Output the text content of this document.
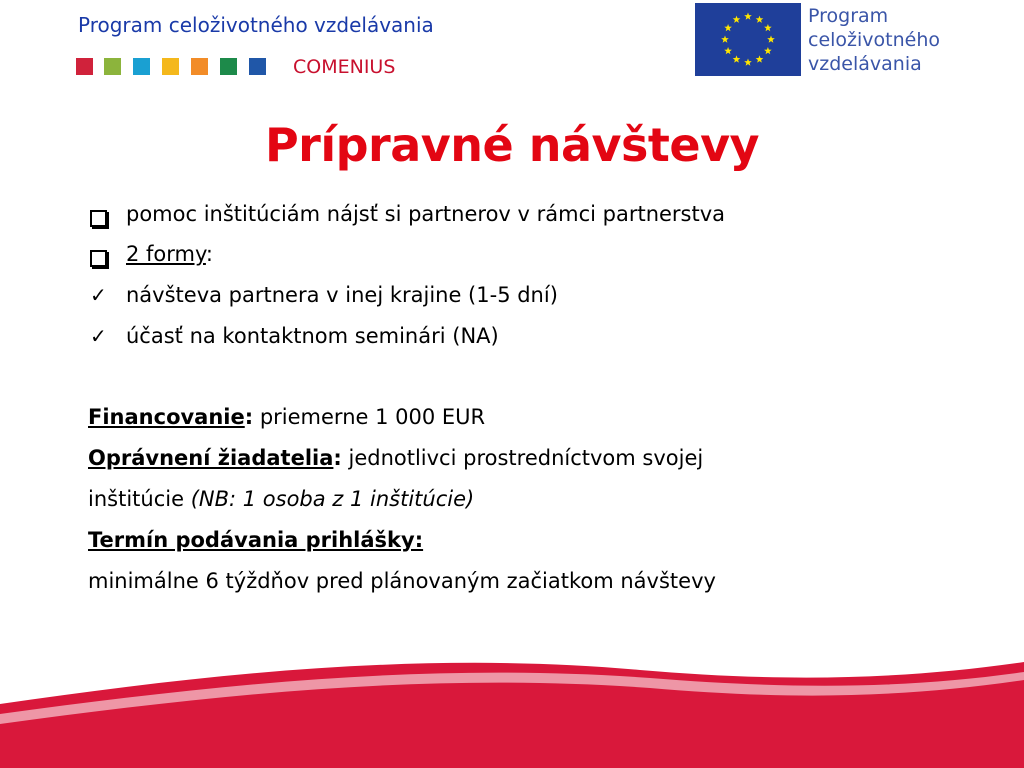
Program celoživotného vzdelávania
COMENIUS
Program
celoživotného
vzdelávania
Prípravné návštevy
pomoc inštitúciám nájsť si partnerov v rámci partnerstva
2 formy:
✓ návšteva partnera v inej krajine (1-5 dní)
✓ účasť na kontaktnom seminári (NA)
Financovanie: priemerne 1 000 EUR
Oprávnení žiadatelia: jednotlivci prostredníctvom svojej
inštitúcie (NB: 1 osoba z 1 inštitúcie)
Termín podávania prihlášky:
minimálne 6 týždňov pred plánovaným začiatkom návštevy
